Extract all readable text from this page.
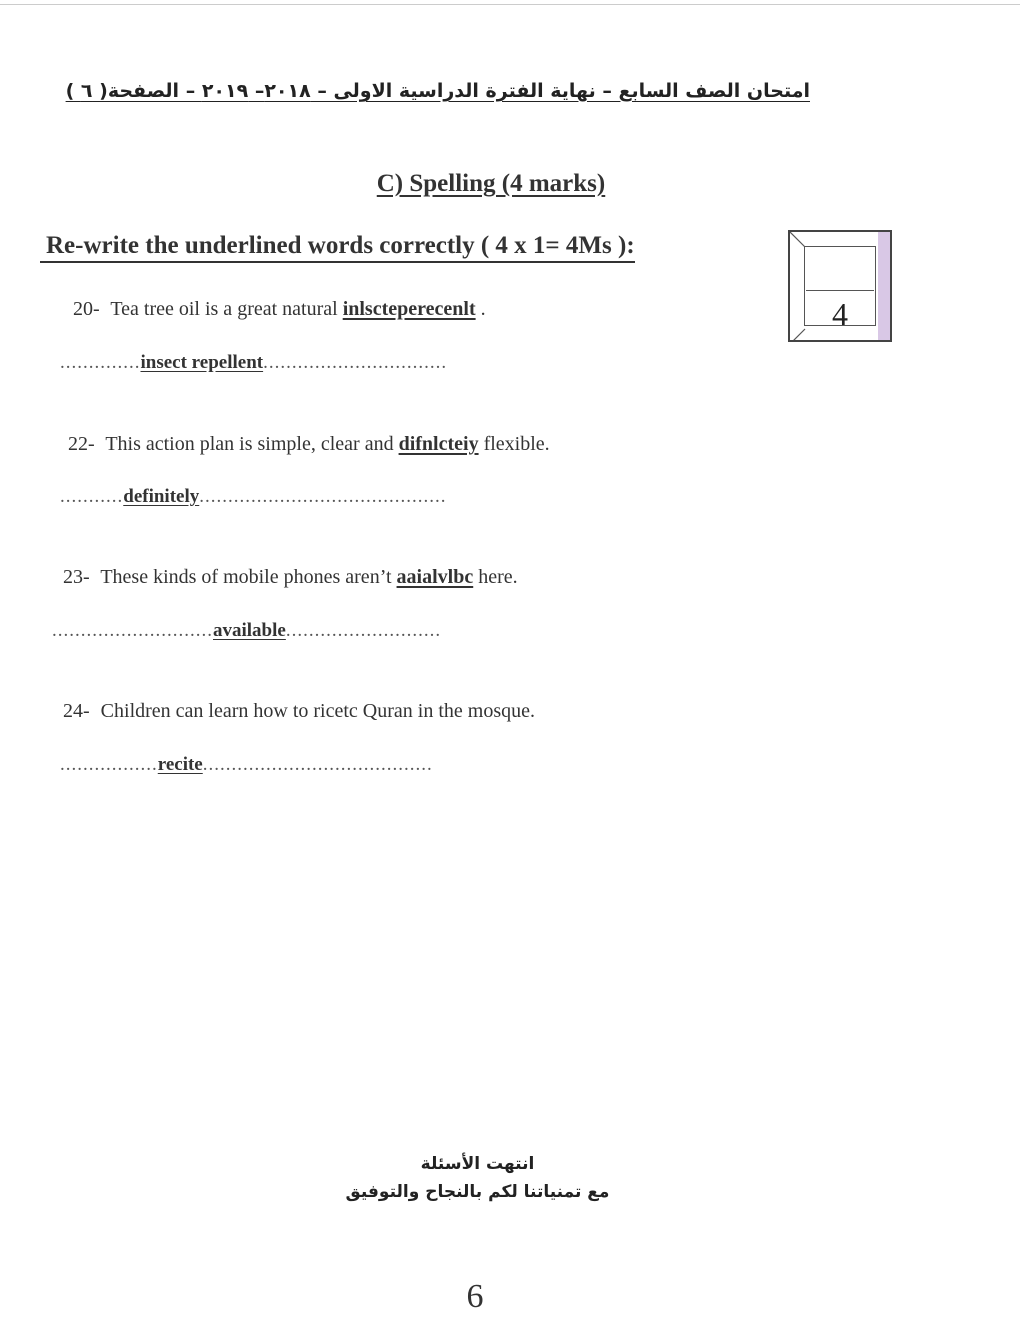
امتحان الصف السابع – نهاية الفترة الدراسية الاولى – ٢٠١٨– ٢٠١٩ – الصفحة( ٦ )
C) Spelling (4 marks)
Re-write the underlined words correctly ( 4 x 1= 4Ms ):
4
20- Tea tree oil is a great natural inlscteperecenlt .
..............insect repellent................................
22- This action plan is simple, clear and difnlcteiy flexible.
...........definitely...........................................
23- These kinds of mobile phones aren’t aaialvlbc here.
............................available...........................
24- Children can learn how to ricetc Quran in the mosque.
.................recite........................................
انتهت الأسئلة
مع تمنياتنا لكم بالنجاح والتوفيق
6
